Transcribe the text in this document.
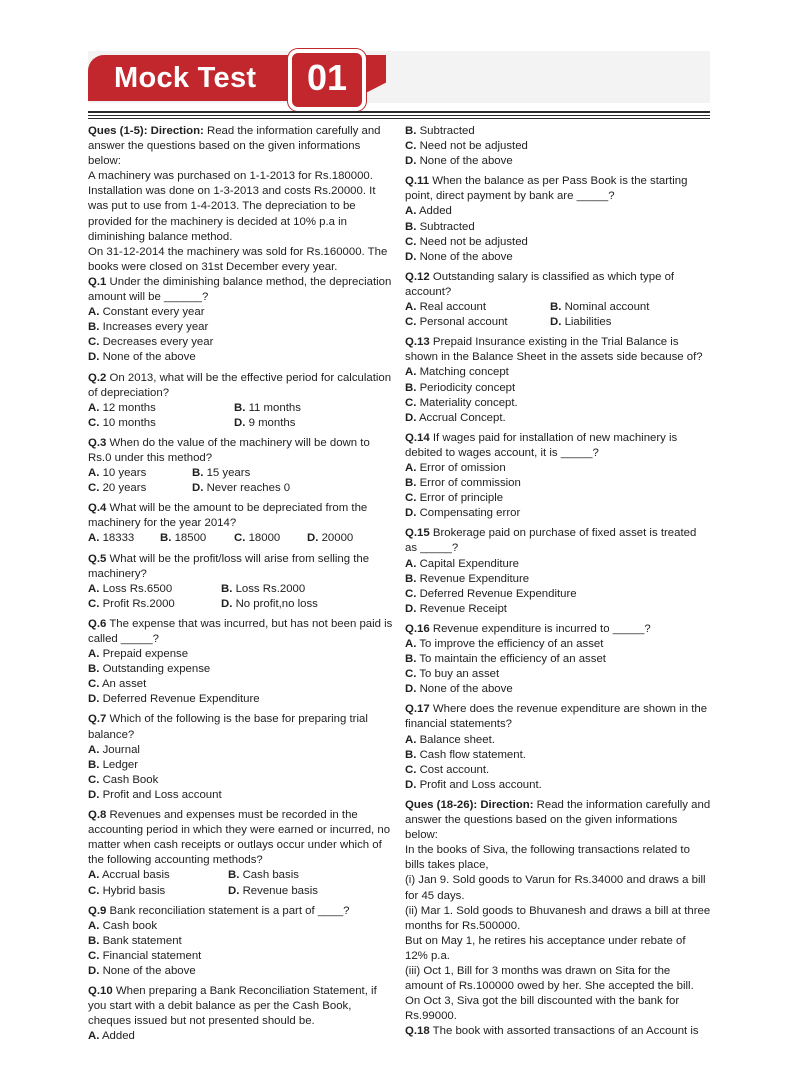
Mock Test	01

Ques (1-5): Direction: Read the information carefully and answer the questions based on the given informations below:

A machinery was purchased on 1-1-2013 for Rs.180000. Installation was done on 1-3-2013 and costs Rs.20000. It was put to use from 1-4-2013. The depreciation to be provided for the machinery is decided at 10% p.a in diminishing balance method.

On 31-12-2014 the machinery was sold for Rs.160000. The books were closed on 31st December every year.

Q.1 Under the diminishing balance method, the depreciation amount will be ______?

A. Constant every year

B. Increases every year

C. Decreases every year

D. None of the above

Q.2 On 2013, what will be the effective period for calculation of depreciation?

A. 12 months	B. 11 months
C. 10 months	D. 9 months

Q.3 When do the value of the machinery will be down to Rs.0 under this method?

A. 10 years	B. 15 years
C. 20 years	D. Never reaches 0

Q.4 What will be the amount to be depreciated from the machinery for the year 2014?

A. 18333	B. 18500	C. 18000	D. 20000

Q.5 What will be the profit/loss will arise from selling the machinery?

A. Loss Rs.6500	B. Loss Rs.2000
C. Profit Rs.2000	D. No profit,no loss

Q.6 The expense that was incurred, but has not been paid is called _____?

A. Prepaid expense

B. Outstanding expense

C. An asset

D. Deferred Revenue Expenditure

Q.7 Which of the following is the base for preparing trial balance?

A. Journal

B. Ledger

C. Cash Book

D. Profit and Loss account

Q.8 Revenues and expenses must be recorded in the accounting period in which they were earned or incurred, no matter when cash receipts or outlays occur under which of the following accounting methods?

A. Accrual basis	B. Cash basis
C. Hybrid basis	D. Revenue basis

Q.9 Bank reconciliation statement is a part of ____?

A. Cash book

B. Bank statement

C. Financial statement

D. None of the above

Q.10 When preparing a Bank Reconciliation Statement, if you start with a debit balance as per the Cash Book, cheques issued but not presented should be.

A. Added

B. Subtracted

C. Need not be adjusted

D. None of the above

Q.11 When the balance as per Pass Book is the starting point, direct payment by bank are _____?

A. Added

B. Subtracted

C. Need not be adjusted

D. None of the above

Q.12 Outstanding salary is classified as which type of account?

A. Real account	B. Nominal account
C. Personal account	D. Liabilities

Q.13 Prepaid Insurance existing in the Trial Balance is shown in the Balance Sheet in the assets side because of?

A. Matching concept

B. Periodicity concept

C. Materiality concept.

D. Accrual Concept.

Q.14 If wages paid for installation of new machinery is debited to wages account, it is _____?

A. Error of omission

B. Error of commission

C. Error of principle

D. Compensating error

Q.15 Brokerage paid on purchase of fixed asset is treated as _____?

A. Capital Expenditure

B. Revenue Expenditure

C. Deferred Revenue Expenditure

D. Revenue Receipt

Q.16 Revenue expenditure is incurred to _____?

A. To improve the efficiency of an asset

B. To maintain the efficiency of an asset

C. To buy an asset

D. None of the above

Q.17 Where does the revenue expenditure are shown in the financial statements?

A. Balance sheet.

B. Cash flow statement.

C. Cost account.

D. Profit and Loss account.

Ques (18-26): Direction: Read the information carefully and answer the questions based on the given informations below:

In the books of Siva, the following transactions related to bills takes place,

(i) Jan 9. Sold goods to Varun for Rs.34000 and draws a bill for 45 days.

(ii) Mar 1. Sold goods to Bhuvanesh and draws a bill at three months for Rs.500000.

But on May 1, he retires his acceptance under rebate of 12% p.a.

(iii) Oct 1, Bill for 3 months was drawn on Sita for the amount of Rs.100000 owed by her. She accepted the bill. On Oct 3, Siva got the bill discounted with the bank for Rs.99000.

Q.18 The book with assorted transactions of an Account is
